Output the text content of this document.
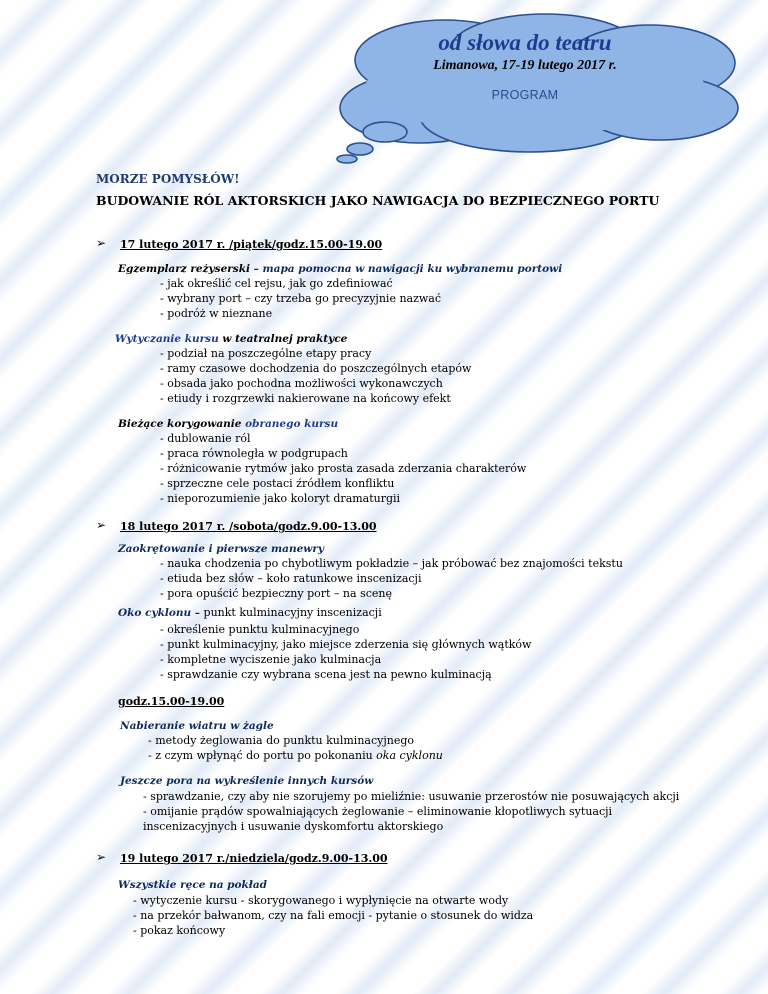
od słowa do teatru
Limanowa, 17-19 lutego 2017 r.
PROGRAM
MORZE POMYSŁÓW!
BUDOWANIE RÓL AKTORSKICH JAKO NAWIGACJA DO BEZPIECZNEGO PORTU
➢ 17 lutego 2017 r. /piątek/godz.15.00-19.00
Egzemplarz reżyserski – mapa pomocna w nawigacji ku wybranemu portowi
- jak określić cel rejsu, jak go zdefiniować
- wybrany port – czy trzeba go precyzyjnie nazwać
- podróż w nieznane
Wytyczanie kursu w teatralnej praktyce
- podział na poszczególne etapy pracy
- ramy czasowe dochodzenia do poszczególnych etapów
- obsada jako pochodna możliwości wykonawczych
- etiudy i rozgrzewki nakierowane na końcowy efekt
Bieżące korygowanie obranego kursu
- dublowanie ról
- praca równoległa w podgrupach
- różnicowanie rytmów jako prosta zasada zderzania charakterów
- sprzeczne cele postaci źródłem konfliktu
- nieporozumienie jako koloryt dramaturgii
➢ 18 lutego 2017 r. /sobota/godz.9.00-13.00
Zaokrętowanie i pierwsze manewry
- nauka chodzenia po chybotliwym pokładzie – jak próbować bez znajomości tekstu
- etiuda bez słów – koło ratunkowe inscenizacji
- pora opuścić bezpieczny port – na scenę
Oko cyklonu – punkt kulminacyjny inscenizacji
- określenie punktu kulminacyjnego
- punkt kulminacyjny, jako miejsce zderzenia się głównych wątków
- kompletne wyciszenie jako kulminacja
- sprawdzanie czy wybrana scena jest na pewno kulminacją
godz.15.00-19.00
Nabieranie wiatru w żagle
- metody żeglowania do punktu kulminacyjnego
- z czym wpłynąć do portu po pokonaniu oka cyklonu
Jeszcze pora na wykreślenie innych kursów
- sprawdzanie, czy aby nie szorujemy po mieliźnie: usuwanie przerostów nie posuwających akcji
- omijanie prądów spowalniających żeglowanie – eliminowanie kłopotliwych sytuacji
inscenizacyjnych i usuwanie dyskomfortu aktorskiego
➢ 19 lutego 2017 r./niedziela/godz.9.00-13.00
Wszystkie ręce na pokład
- wytyczenie kursu - skorygowanego i wypłynięcie na otwarte wody
- na przekór bałwanom, czy na fali emocji - pytanie o stosunek do widza
- pokaz końcowy
